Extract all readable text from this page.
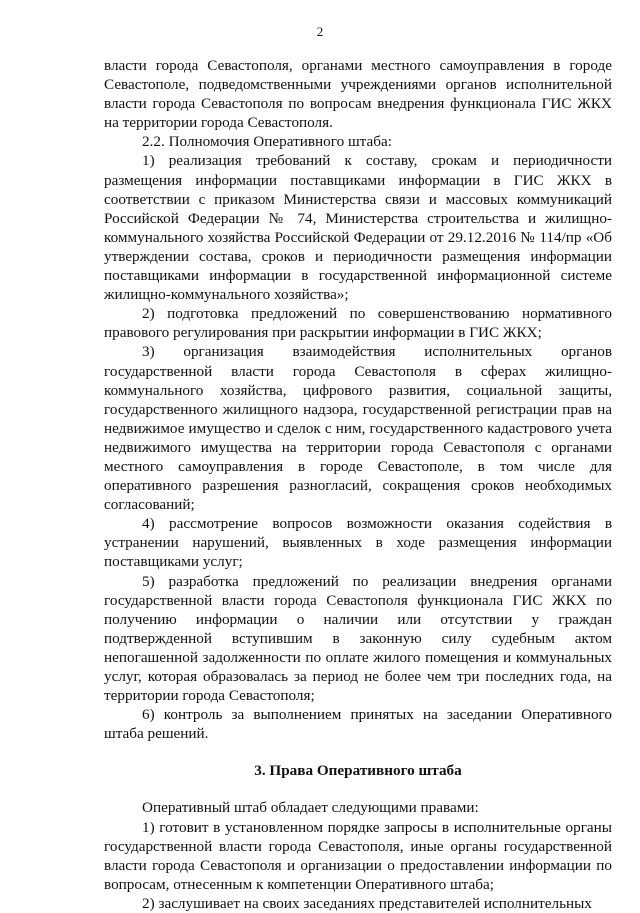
2

власти города Севастополя, органами местного самоуправления в городе Севастополе, подведомственными учреждениями органов исполнительной власти города Севастополя по вопросам внедрения функционала ГИС ЖКХ на территории города Севастополя.

2.2. Полномочия Оперативного штаба:

1) реализация требований к составу, срокам и периодичности размещения информации поставщиками информации в ГИС ЖКХ в соответствии с приказом Министерства связи и массовых коммуникаций Российской Федерации № 74, Министерства строительства и жилищно-коммунального хозяйства Российской Федерации от 29.12.2016 № 114/пр «Об утверждении состава, сроков и периодичности размещения информации поставщиками информации в государственной информационной системе жилищно-коммунального хозяйства»;

2) подготовка предложений по совершенствованию нормативного правового регулирования при раскрытии информации в ГИС ЖКХ;

3) организация взаимодействия исполнительных органов государственной власти города Севастополя в сферах жилищно-коммунального хозяйства, цифрового развития, социальной защиты, государственного жилищного надзора, государственной регистрации прав на недвижимое имущество и сделок с ним, государственного кадастрового учета недвижимого имущества на территории города Севастополя с органами местного самоуправления в городе Севастополе, в том числе для оперативного разрешения разногласий, сокращения сроков необходимых согласований;

4) рассмотрение вопросов возможности оказания содействия в устранении нарушений, выявленных в ходе размещения информации поставщиками услуг;

5) разработка предложений по реализации внедрения органами государственной власти города Севастополя функционала ГИС ЖКХ по получению информации о наличии или отсутствии у граждан подтвержденной вступившим в законную силу судебным актом непогашенной задолженности по оплате жилого помещения и коммунальных услуг, которая образовалась за период не более чем три последних года, на территории города Севастополя;

6) контроль за выполнением принятых на заседании Оперативного штаба решений.

3. Права Оперативного штаба

Оперативный штаб обладает следующими правами:

1) готовит в установленном порядке запросы в исполнительные органы государственной власти города Севастополя, иные органы государственной власти города Севастополя и организации о предоставлении информации по вопросам, отнесенным к компетенции Оперативного штаба;

2) заслушивает на своих заседаниях представителей исполнительных
